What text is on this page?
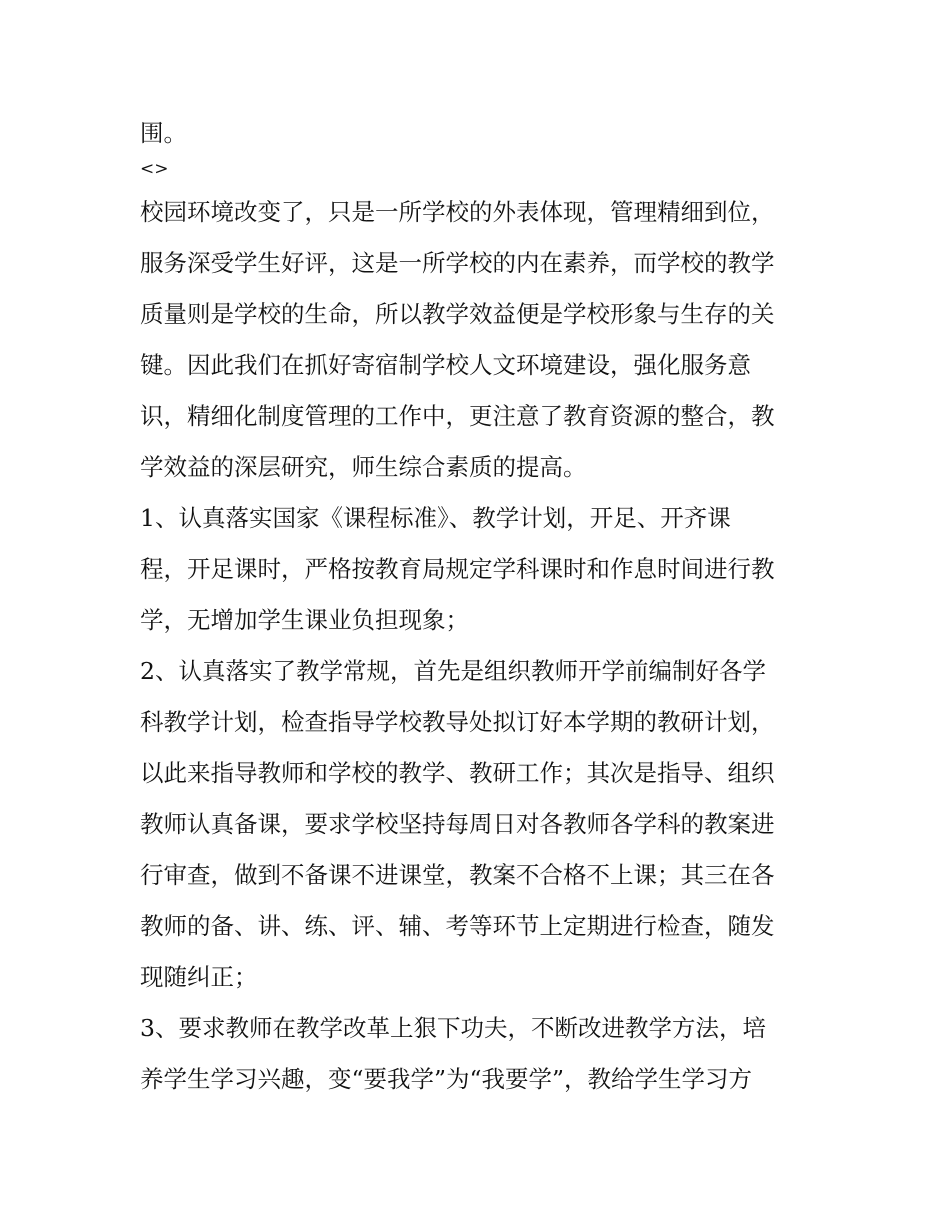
围。
<>
校园环境改变了，只是一所学校的外表体现，管理精细到位，
服务深受学生好评，这是一所学校的内在素养，而学校的教学
质量则是学校的生命，所以教学效益便是学校形象与生存的关
键。因此我们在抓好寄宿制学校人文环境建设，强化服务意
识，精细化制度管理的工作中，更注意了教育资源的整合，教
学效益的深层研究，师生综合素质的提高。
1、认真落实国家《课程标准》、教学计划，开足、开齐课
程，开足课时，严格按教育局规定学科课时和作息时间进行教
学，无增加学生课业负担现象；
2、认真落实了教学常规，首先是组织教师开学前编制好各学
科教学计划，检查指导学校教导处拟订好本学期的教研计划，
以此来指导教师和学校的教学、教研工作；其次是指导、组织
教师认真备课，要求学校坚持每周日对各教师各学科的教案进
行审查，做到不备课不进课堂，教案不合格不上课；其三在各
教师的备、讲、练、评、辅、考等环节上定期进行检查，随发
现随纠正；
3、要求教师在教学改革上狠下功夫，不断改进教学方法，培
养学生学习兴趣，变“要我学”为“我要学”，教给学生学习方
